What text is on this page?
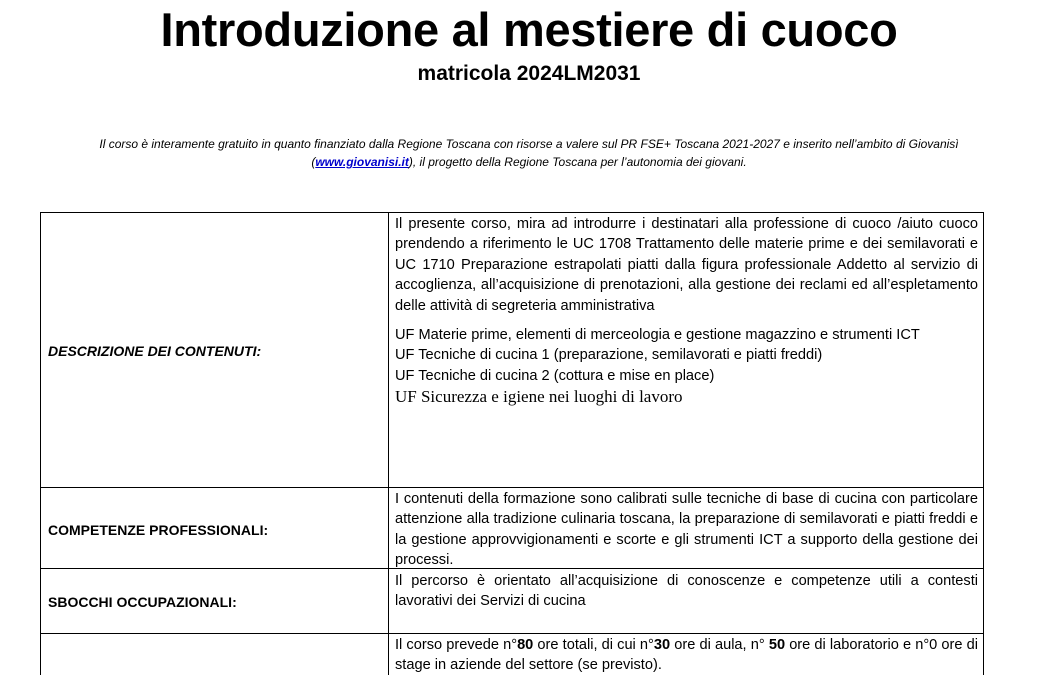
Introduzione al mestiere di cuoco
matricola 2024LM2031
Il corso è interamente gratuito in quanto finanziato dalla Regione Toscana con risorse a valere sul PR FSE+ Toscana 2021-2027 e inserito nell’ambito di Giovanisì (www.giovanisi.it), il progetto della Regione Toscana per l’autonomia dei giovani.
DESCRIZIONE DEI CONTENUTI:

Il presente corso, mira ad introdurre i destinatari alla professione di cuoco /aiuto cuoco prendendo a riferimento le UC 1708 Trattamento delle materie prime e dei semilavorati e UC 1710 Preparazione estrapolati piatti dalla figura professionale Addetto al servizio di accoglienza, all’acquisizione di prenotazioni, alla gestione dei reclami ed all’espletamento delle attività di segreteria amministrativa

UF Materie prime, elementi di merceologia e gestione magazzino e strumenti ICT
UF Tecniche di cucina 1 (preparazione, semilavorati e piatti freddi)
UF Tecniche di cucina 2 (cottura e mise en place)
UF Sicurezza e igiene nei luoghi di lavoro
COMPETENZE PROFESSIONALI:

I contenuti della formazione sono calibrati sulle tecniche di base di cucina con particolare attenzione alla tradizione culinaria toscana, la preparazione di semilavorati e piatti freddi e la gestione approvvigionamenti e scorte e gli strumenti ICT a supporto della gestione dei processi.

SBOCCHI OCCUPAZIONALI:

Il percorso è orientato all’acquisizione di conoscenze e competenze utili a contesti lavorativi dei Servizi di cucina

Il corso prevede n°80 ore totali, di cui n°30 ore di aula, n° 50 ore di laboratorio e n°0 ore di stage in aziende del settore (se previsto).
